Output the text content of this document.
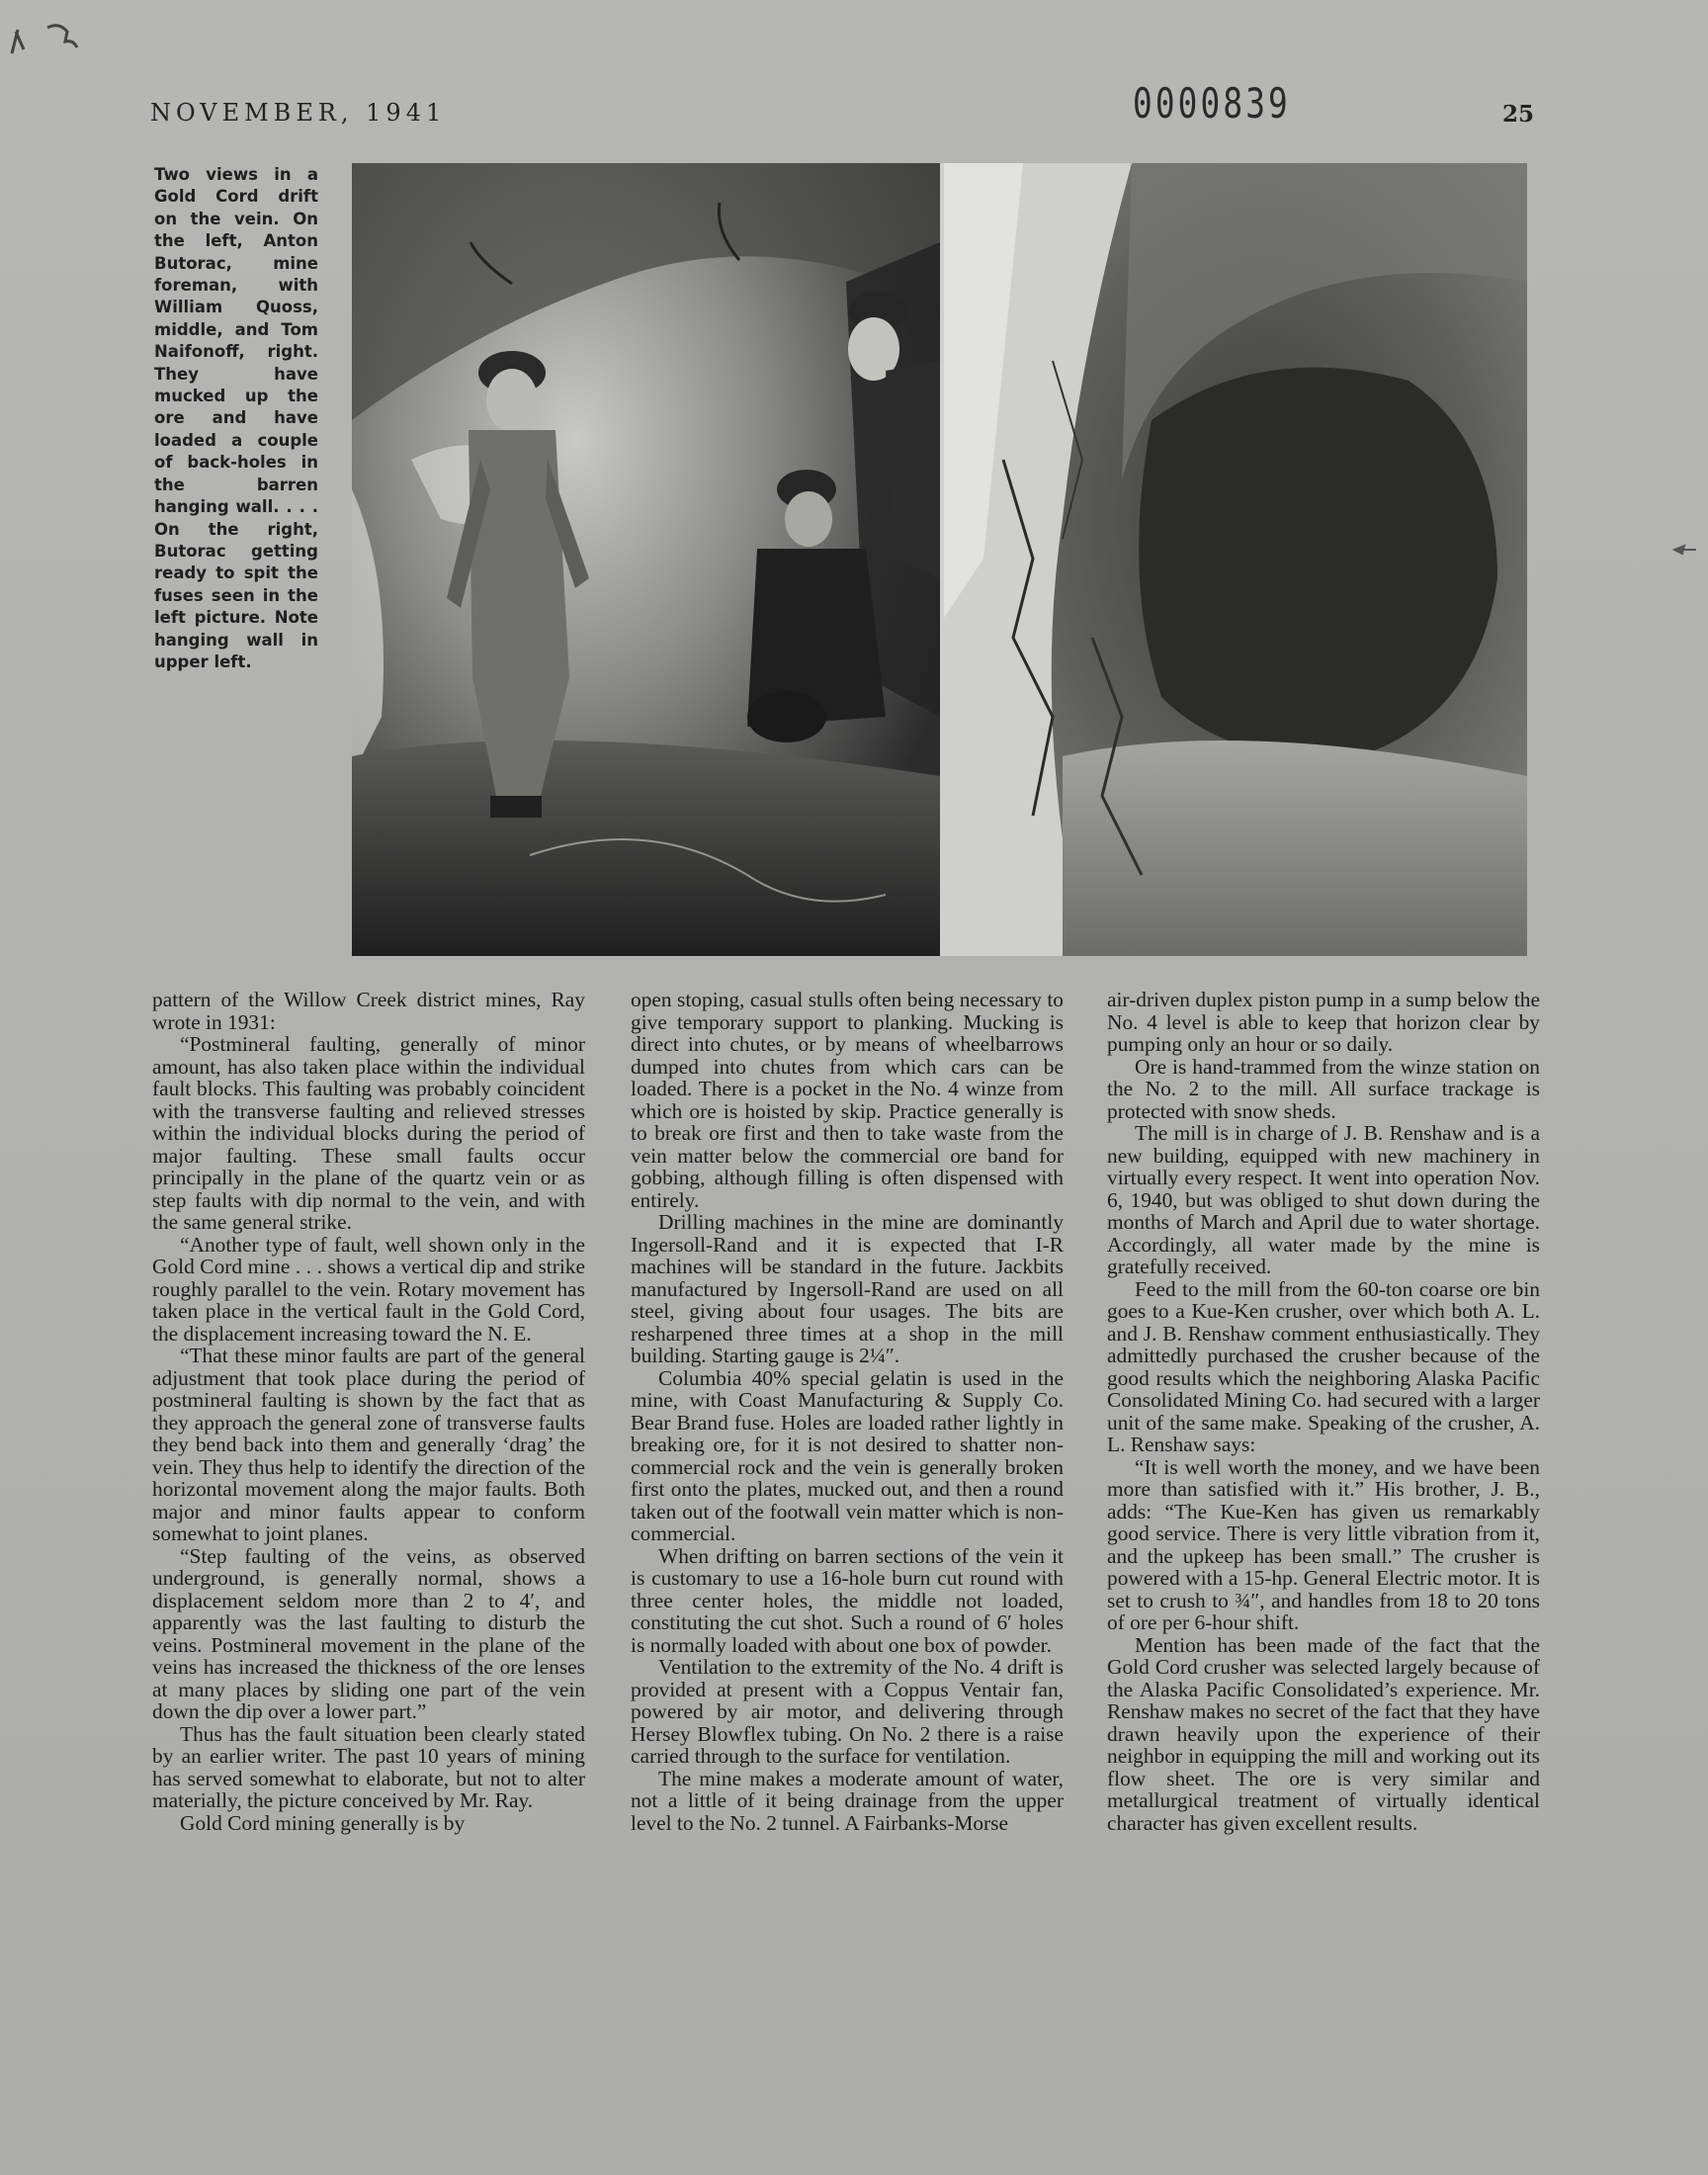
NOVEMBER, 1941	0000839	25
Two views in a Gold Cord drift on the vein. On the left, Anton Butorac, mine foreman, with William Quoss, middle, and Tom Naifonoff, right. They have mucked up the ore and have loaded a couple of back-holes in the barren hanging wall. . . . On the right, Butorac getting ready to spit the fuses seen in the left picture. Note hanging wall in upper left.

pattern of the Willow Creek district mines, Ray wrote in 1931:

“Postmineral faulting, generally of minor amount, has also taken place within the individual fault blocks. This faulting was probably coincident with the transverse faulting and relieved stresses within the individual blocks during the period of major faulting. These small faults occur principally in the plane of the quartz vein or as step faults with dip normal to the vein, and with the same general strike.

“Another type of fault, well shown only in the Gold Cord mine . . . shows a vertical dip and strike roughly parallel to the vein. Rotary movement has taken place in the vertical fault in the Gold Cord, the displacement increasing toward the N. E.

“That these minor faults are part of the general adjustment that took place during the period of postmineral faulting is shown by the fact that as they approach the general zone of transverse faults they bend back into them and generally ‘drag’ the vein. They thus help to identify the direction of the horizontal movement along the major faults. Both major and minor faults appear to conform somewhat to joint planes.

“Step faulting of the veins, as observed underground, is generally normal, shows a displacement seldom more than 2 to 4′, and apparently was the last faulting to disturb the veins. Postmineral movement in the plane of the veins has increased the thickness of the ore lenses at many places by sliding one part of the vein down the dip over a lower part.”

Thus has the fault situation been clearly stated by an earlier writer. The past 10 years of mining has served somewhat to elaborate, but not to alter materially, the picture conceived by Mr. Ray.

Gold Cord mining generally is by

open stoping, casual stulls often being necessary to give temporary support to planking. Mucking is direct into chutes, or by means of wheelbarrows dumped into chutes from which cars can be loaded. There is a pocket in the No. 4 winze from which ore is hoisted by skip. Practice generally is to break ore first and then to take waste from the vein matter below the commercial ore band for gobbing, although filling is often dispensed with entirely.

Drilling machines in the mine are dominantly Ingersoll-Rand and it is expected that I-R machines will be standard in the future. Jackbits manufactured by Ingersoll-Rand are used on all steel, giving about four usages. The bits are resharpened three times at a shop in the mill building. Starting gauge is 2¼″.

Columbia 40% special gelatin is used in the mine, with Coast Manufacturing & Supply Co. Bear Brand fuse. Holes are loaded rather lightly in breaking ore, for it is not desired to shatter non-commercial rock and the vein is generally broken first onto the plates, mucked out, and then a round taken out of the footwall vein matter which is non-commercial.

When drifting on barren sections of the vein it is customary to use a 16-hole burn cut round with three center holes, the middle not loaded, constituting the cut shot. Such a round of 6′ holes is normally loaded with about one box of powder.

Ventilation to the extremity of the No. 4 drift is provided at present with a Coppus Ventair fan, powered by air motor, and delivering through Hersey Blowflex tubing. On No. 2 there is a raise carried through to the surface for ventilation.

The mine makes a moderate amount of water, not a little of it being drainage from the upper level to the No. 2 tunnel. A Fairbanks-Morse

air-driven duplex piston pump in a sump below the No. 4 level is able to keep that horizon clear by pumping only an hour or so daily.

Ore is hand-trammed from the winze station on the No. 2 to the mill. All surface trackage is protected with snow sheds.

The mill is in charge of J. B. Renshaw and is a new building, equipped with new machinery in virtually every respect. It went into operation Nov. 6, 1940, but was obliged to shut down during the months of March and April due to water shortage. Accordingly, all water made by the mine is gratefully received.

Feed to the mill from the 60-ton coarse ore bin goes to a Kue-Ken crusher, over which both A. L. and J. B. Renshaw comment enthusiastically. They admittedly purchased the crusher because of the good results which the neighboring Alaska Pacific Consolidated Mining Co. had secured with a larger unit of the same make. Speaking of the crusher, A. L. Renshaw says:

“It is well worth the money, and we have been more than satisfied with it.” His brother, J. B., adds: “The Kue-Ken has given us remarkably good service. There is very little vibration from it, and the upkeep has been small.” The crusher is powered with a 15-hp. General Electric motor. It is set to crush to ¾″, and handles from 18 to 20 tons of ore per 6-hour shift.

Mention has been made of the fact that the Gold Cord crusher was selected largely because of the Alaska Pacific Consolidated’s experience. Mr. Renshaw makes no secret of the fact that they have drawn heavily upon the experience of their neighbor in equipping the mill and working out its flow sheet. The ore is very similar and metallurgical treatment of virtually identical character has given excellent results.
